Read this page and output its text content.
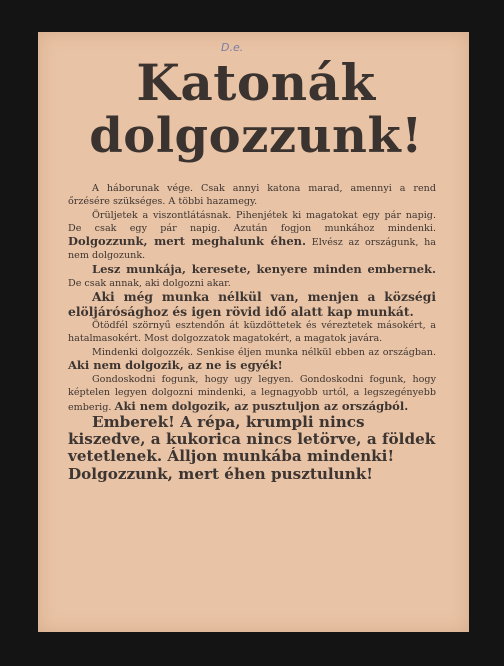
D.e.
Katonák
dolgozzunk!

A háborunak vége. Csak annyi katona marad, amennyi a rend őrzésére szükséges. A többi hazamegy.

Örüljetek a viszontlátásnak. Pihenjétek ki magatokat egy pár napig. De csak egy pár napig. Azután fogjon munkához mindenki. Dolgozzunk, mert meghalunk éhen. Elvész az országunk, ha nem dolgozunk.

Lesz munkája, keresete, kenyere minden embernek. De csak annak, aki dolgozni akar.

Aki még munka nélkül van, menjen a községi elöljárósághoz és igen rövid idő alatt kap munkát.

Ötödfél szörnyű esztendőn át küzdöttetek és véreztetek másokért, a hatalmasokért. Most dolgozzatok magatokért, a magatok javára.

Mindenki dolgozzék. Senkise éljen munka nélkül ebben az országban. Aki nem dolgozik, az ne is egyék!

Gondoskodni fogunk, hogy ugy legyen. Gondoskodni fogunk, hogy képtelen legyen dolgozni mindenki, a legnagyobb urtól, a legszegényebb emberig. Aki nem dolgozik, az pusztuljon az országból.

Emberek! A répa, krumpli nincs kiszedve, a kukorica nincs letörve, a földek vetetlenek. Álljon munkába mindenki! Dolgozzunk, mert éhen pusztulunk!
